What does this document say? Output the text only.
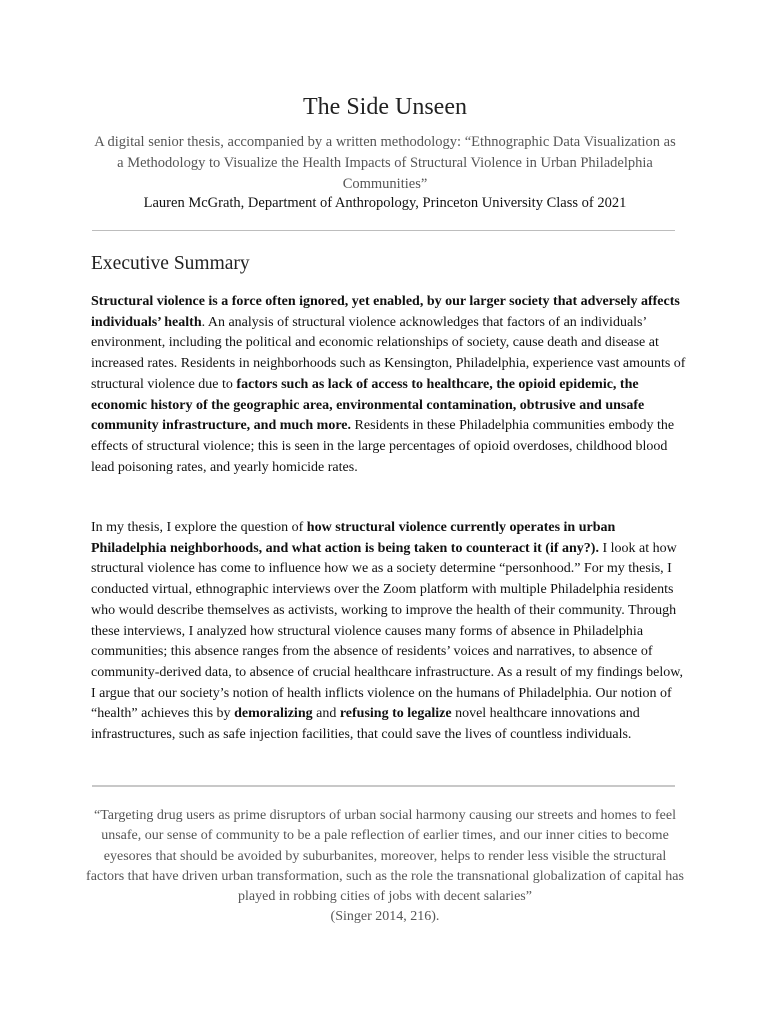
The Side Unseen

A digital senior thesis, accompanied by a written methodology: “Ethnographic Data Visualization as a Methodology to Visualize the Health Impacts of Structural Violence in Urban Philadelphia Communities”

Lauren McGrath, Department of Anthropology, Princeton University Class of 2021

Executive Summary

Structural violence is a force often ignored, yet enabled, by our larger society that adversely affects individuals’ health. An analysis of structural violence acknowledges that factors of an individuals’ environment, including the political and economic relationships of society, cause death and disease at increased rates. Residents in neighborhoods such as Kensington, Philadelphia, experience vast amounts of structural violence due to factors such as lack of access to healthcare, the opioid epidemic, the economic history of the geographic area, environmental contamination, obtrusive and unsafe community infrastructure, and much more. Residents in these Philadelphia communities embody the effects of structural violence; this is seen in the large percentages of opioid overdoses, childhood blood lead poisoning rates, and yearly homicide rates.

In my thesis, I explore the question of how structural violence currently operates in urban Philadelphia neighborhoods, and what action is being taken to counteract it (if any?). I look at how structural violence has come to influence how we as a society determine “personhood.” For my thesis, I conducted virtual, ethnographic interviews over the Zoom platform with multiple Philadelphia residents who would describe themselves as activists, working to improve the health of their community. Through these interviews, I analyzed how structural violence causes many forms of absence in Philadelphia communities; this absence ranges from the absence of residents’ voices and narratives, to absence of community-derived data, to absence of crucial healthcare infrastructure. As a result of my findings below, I argue that our society’s notion of health inflicts violence on the humans of Philadelphia. Our notion of “health” achieves this by demoralizing and refusing to legalize novel healthcare innovations and infrastructures, such as safe injection facilities, that could save the lives of countless individuals.

“Targeting drug users as prime disruptors of urban social harmony causing our streets and homes to feel unsafe, our sense of community to be a pale reflection of earlier times, and our inner cities to become eyesores that should be avoided by suburbanites, moreover, helps to render less visible the structural factors that have driven urban transformation, such as the role the transnational globalization of capital has played in robbing cities of jobs with decent salaries”
(Singer 2014, 216).
